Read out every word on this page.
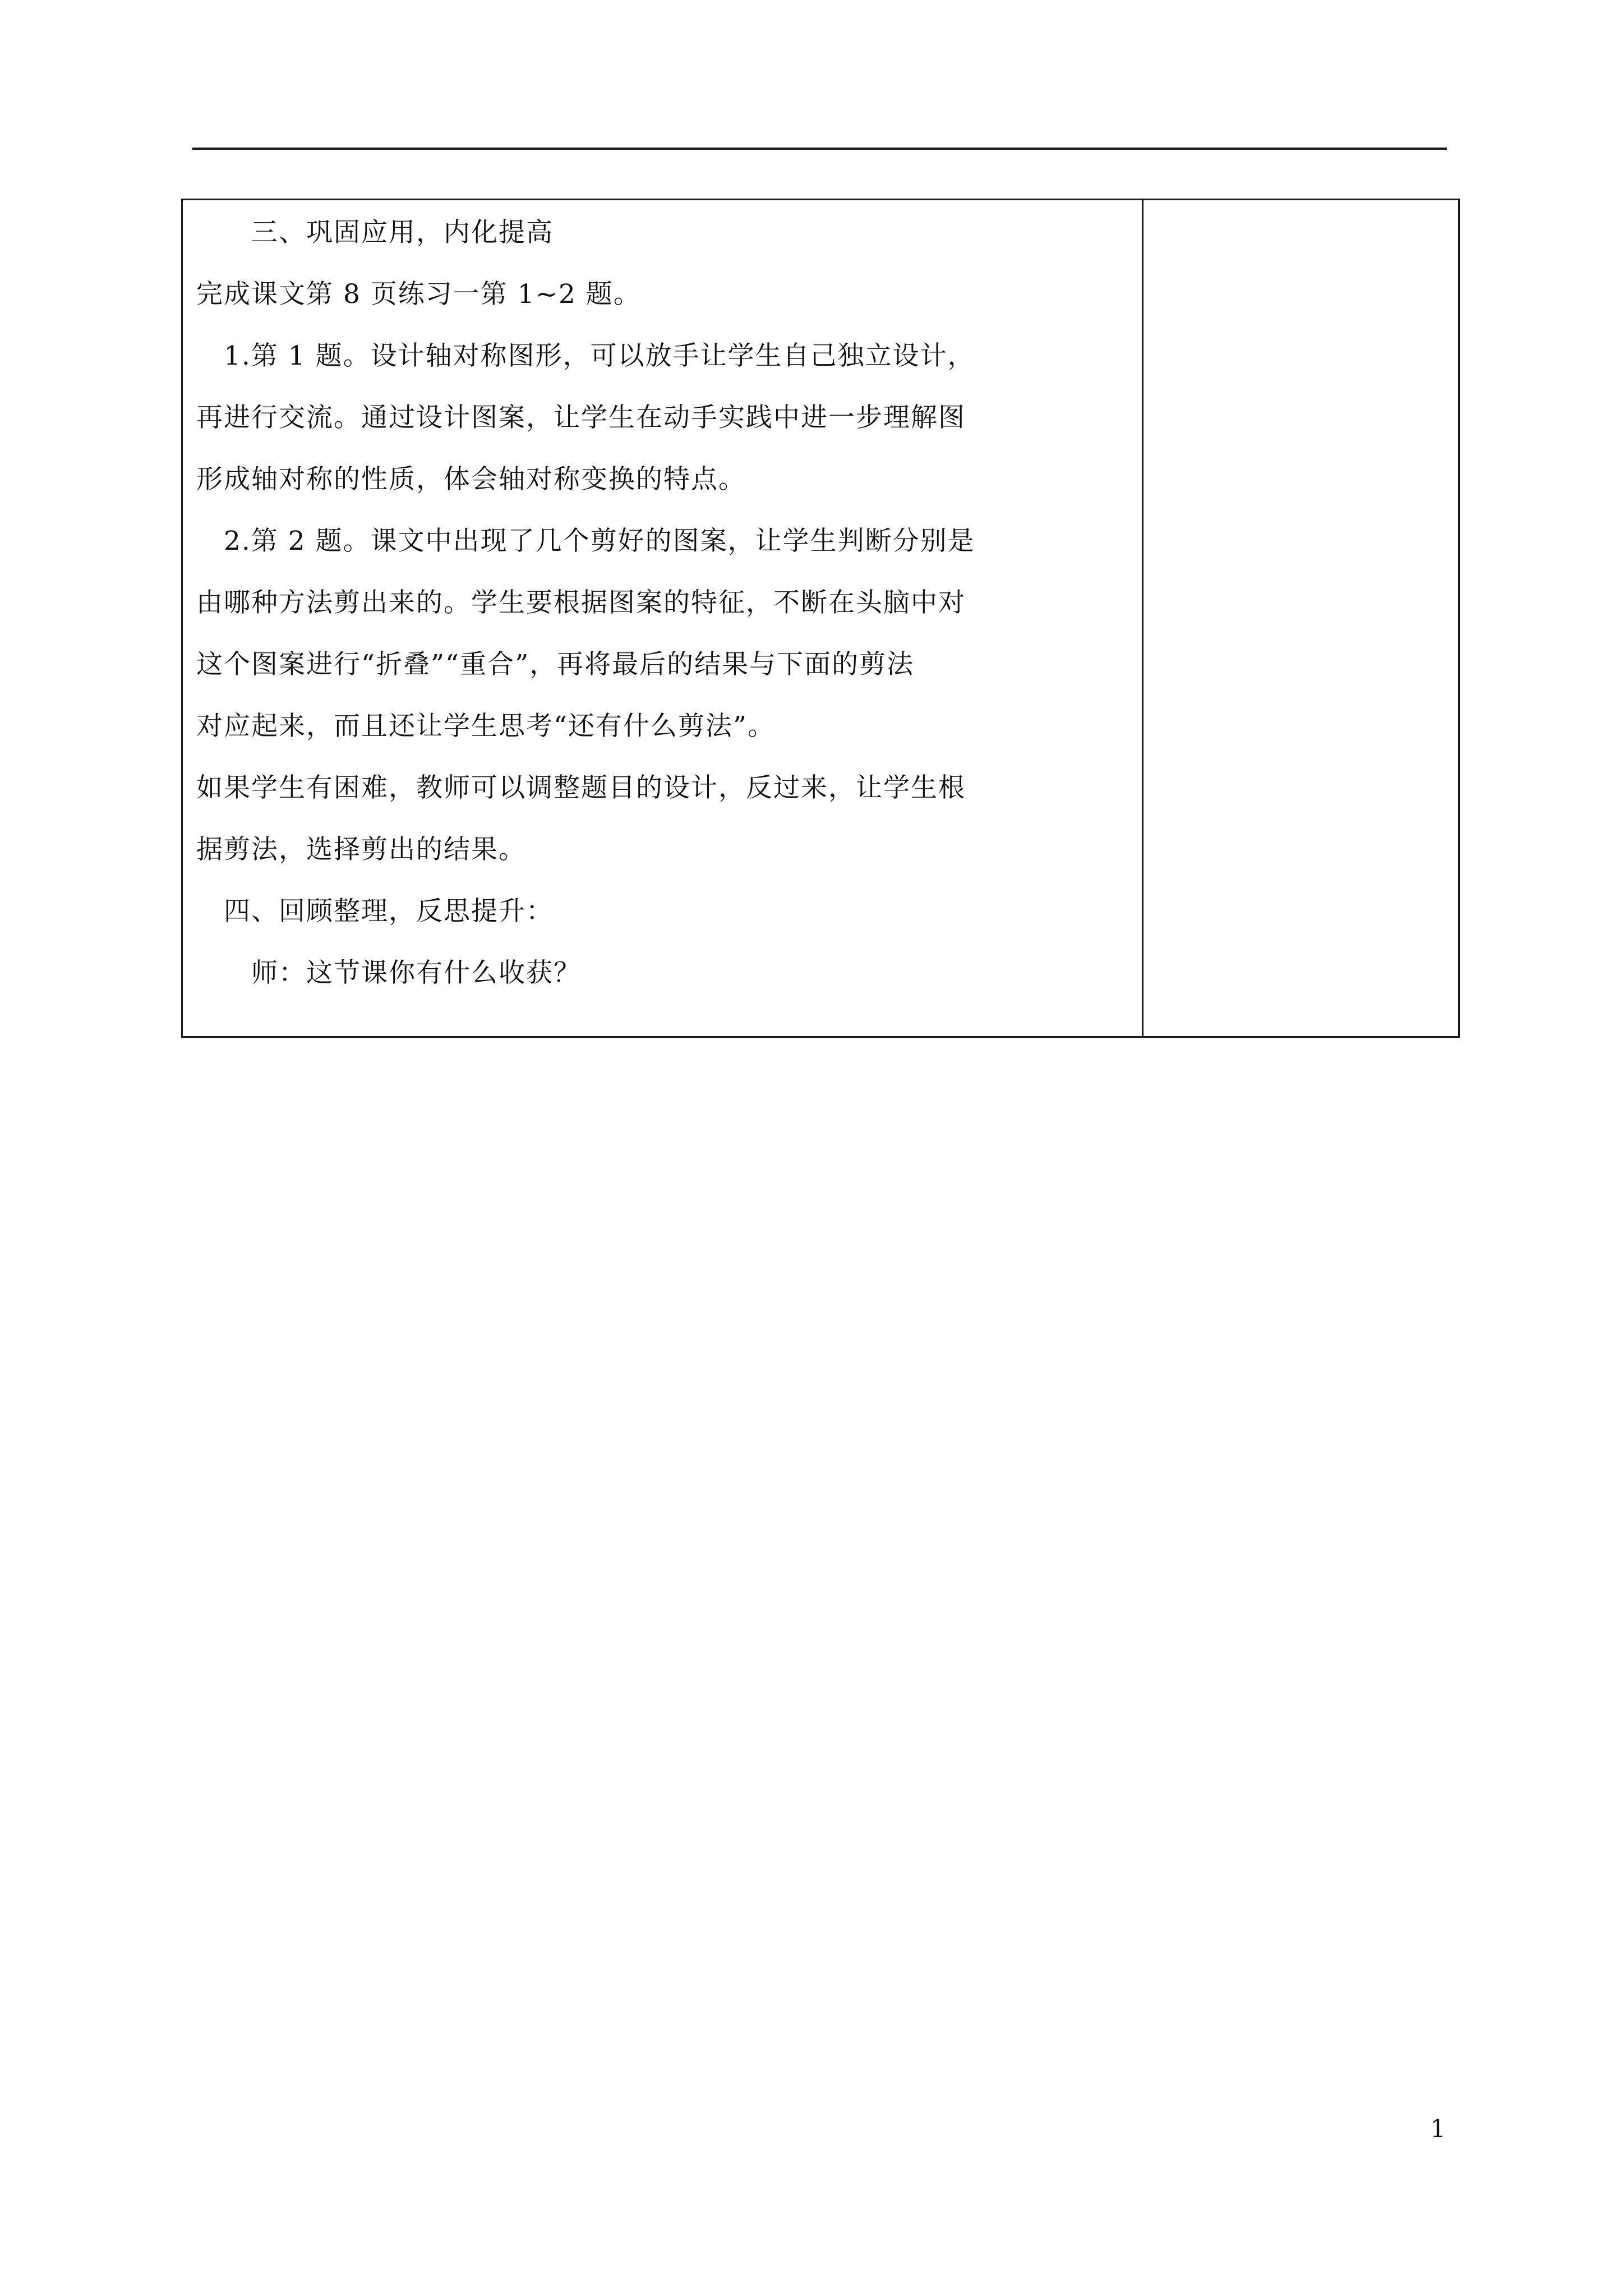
　　三、巩固应用，内化提高
完成课文第 8 页练习一第 1~2 题。
　1.第 1 题。设计轴对称图形，可以放手让学生自己独立设计，
再进行交流。通过设计图案，让学生在动手实践中进一步理解图
形成轴对称的性质，体会轴对称变换的特点。
　2.第 2 题。课文中出现了几个剪好的图案，让学生判断分别是
由哪种方法剪出来的。学生要根据图案的特征，不断在头脑中对
这个图案进行“折叠”“重合”，再将最后的结果与下面的剪法
对应起来，而且还让学生思考“还有什么剪法”。
如果学生有困难，教师可以调整题目的设计，反过来，让学生根
据剪法，选择剪出的结果。
　四、回顾整理，反思提升：
　　师：这节课你有什么收获？
1
